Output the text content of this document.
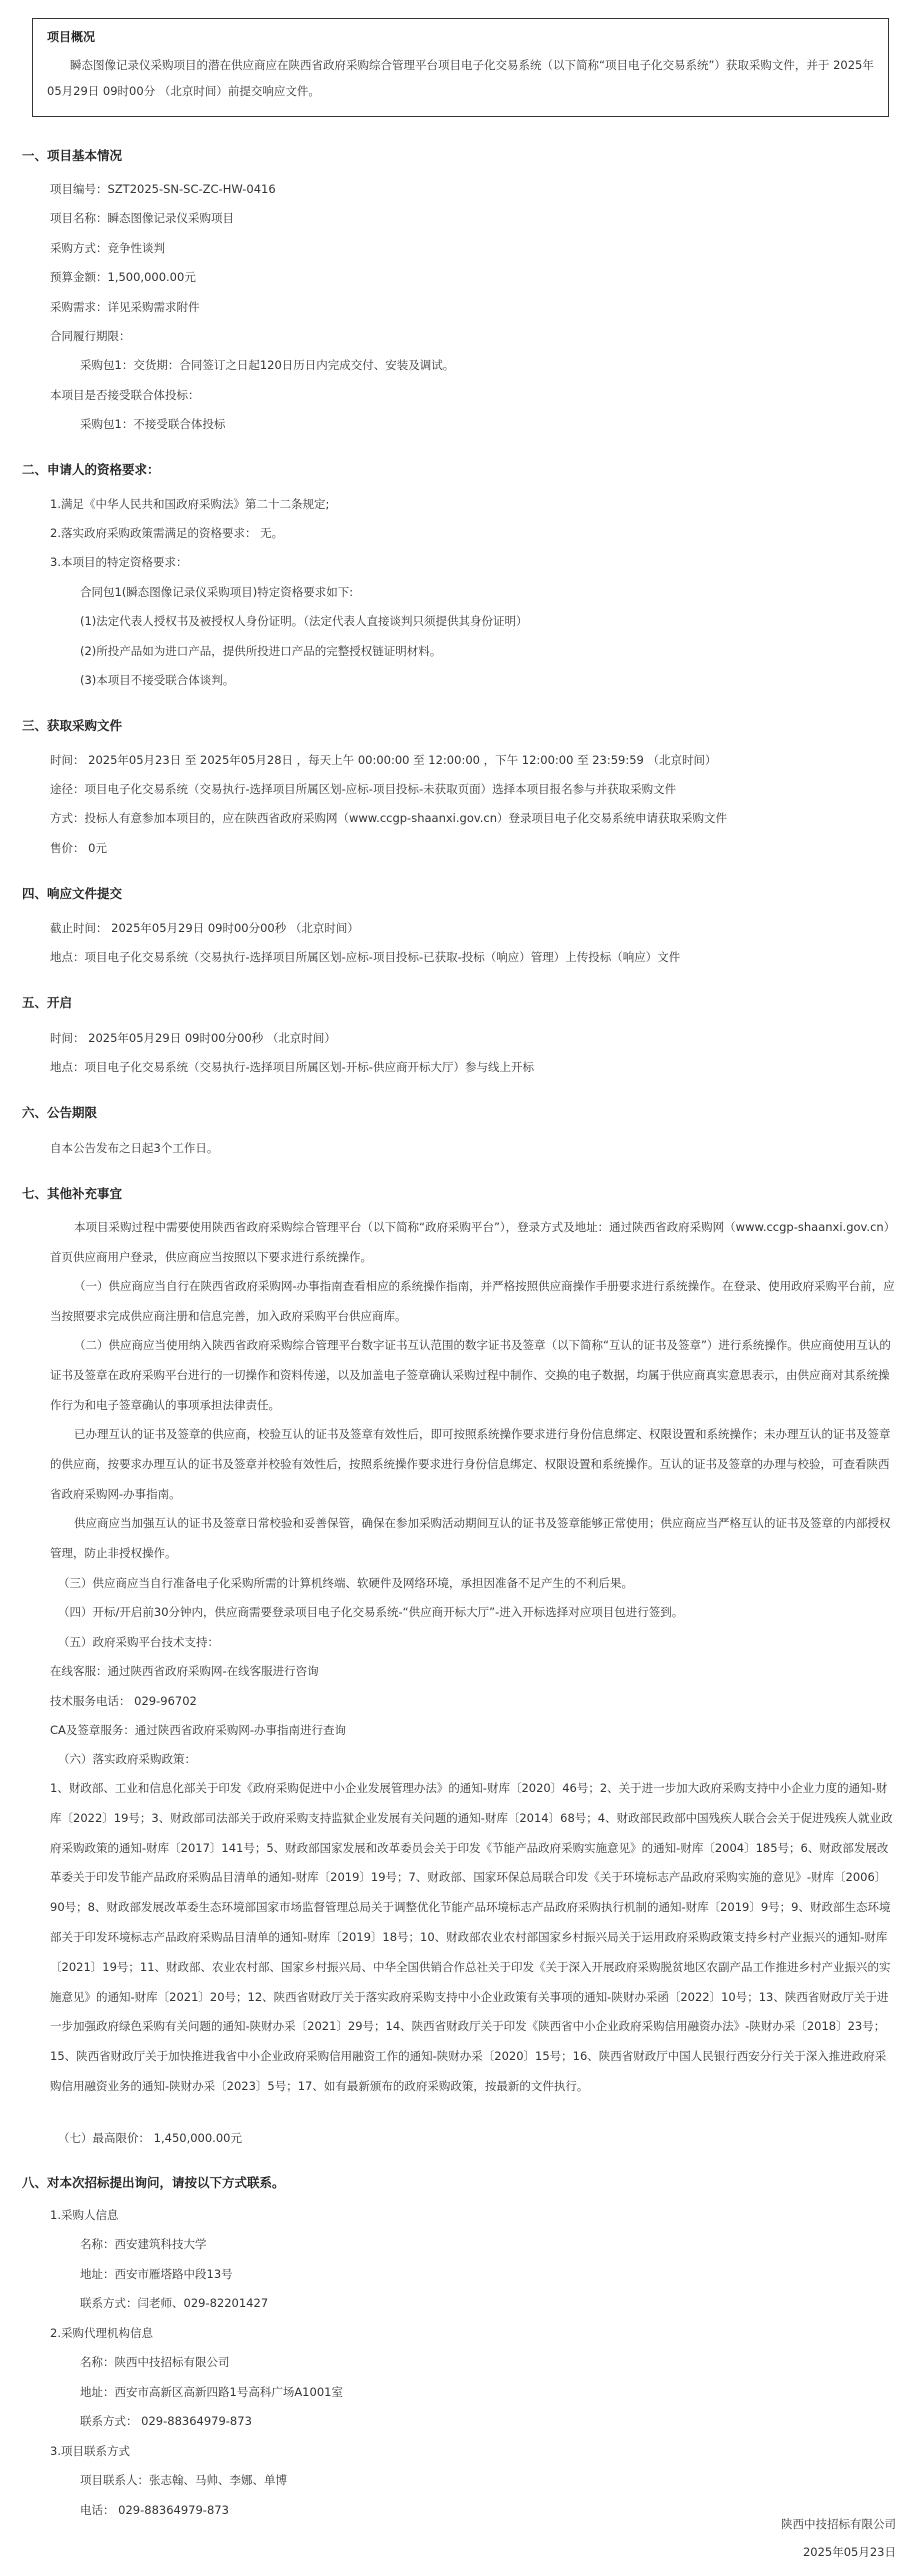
项目概况
瞬态图像记录仪采购项目的潜在供应商应在陕西省政府采购综合管理平台项目电子化交易系统（以下简称“项目电子化交易系统”）获取采购文件，并于 2025年05月29日 09时00分 （北京时间）前提交响应文件。
一、项目基本情况
项目编号：SZT2025-SN-SC-ZC-HW-0416
项目名称：瞬态图像记录仪采购项目
采购方式：竞争性谈判
预算金额：1,500,000.00元
采购需求：详见采购需求附件
合同履行期限：
采购包1：交货期：合同签订之日起120日历日内完成交付、安装及调试。
本项目是否接受联合体投标：
采购包1：不接受联合体投标
二、申请人的资格要求：
1.满足《中华人民共和国政府采购法》第二十二条规定;
2.落实政府采购政策需满足的资格要求： 无。
3.本项目的特定资格要求：
合同包1(瞬态图像记录仪采购项目)特定资格要求如下:
(1)法定代表人授权书及被授权人身份证明。（法定代表人直接谈判只须提供其身份证明）
(2)所投产品如为进口产品，提供所投进口产品的完整授权链证明材料。
(3)本项目不接受联合体谈判。
三、获取采购文件
时间： 2025年05月23日 至 2025年05月28日 ，每天上午 00:00:00 至 12:00:00 ，下午 12:00:00 至 23:59:59 （北京时间）
途径：项目电子化交易系统（交易执行-选择项目所属区划-应标-项目投标-未获取页面）选择本项目报名参与并获取采购文件
方式：投标人有意参加本项目的，应在陕西省政府采购网（www.ccgp-shaanxi.gov.cn）登录项目电子化交易系统申请获取采购文件
售价： 0元
四、响应文件提交
截止时间： 2025年05月29日 09时00分00秒 （北京时间）
地点：项目电子化交易系统（交易执行-选择项目所属区划-应标-项目投标-已获取-投标（响应）管理）上传投标（响应）文件
五、开启
时间： 2025年05月29日 09时00分00秒 （北京时间）
地点：项目电子化交易系统（交易执行-选择项目所属区划-开标-供应商开标大厅）参与线上开标
六、公告期限
自本公告发布之日起3个工作日。
七、其他补充事宜
本项目采购过程中需要使用陕西省政府采购综合管理平台（以下简称“政府采购平台”），登录方式及地址：通过陕西省政府采购网（www.ccgp-shaanxi.gov.cn）首页供应商用户登录，供应商应当按照以下要求进行系统操作。
（一）供应商应当自行在陕西省政府采购网-办事指南查看相应的系统操作指南，并严格按照供应商操作手册要求进行系统操作。在登录、使用政府采购平台前，应当按照要求完成供应商注册和信息完善，加入政府采购平台供应商库。
（二）供应商应当使用纳入陕西省政府采购综合管理平台数字证书互认范围的数字证书及签章（以下简称“互认的证书及签章”）进行系统操作。供应商使用互认的证书及签章在政府采购平台进行的一切操作和资料传递，以及加盖电子签章确认采购过程中制作、交换的电子数据，均属于供应商真实意思表示，由供应商对其系统操作行为和电子签章确认的事项承担法律责任。
已办理互认的证书及签章的供应商，校验互认的证书及签章有效性后，即可按照系统操作要求进行身份信息绑定、权限设置和系统操作；未办理互认的证书及签章的供应商，按要求办理互认的证书及签章并校验有效性后，按照系统操作要求进行身份信息绑定、权限设置和系统操作。互认的证书及签章的办理与校验，可查看陕西省政府采购网-办事指南。
供应商应当加强互认的证书及签章日常校验和妥善保管，确保在参加采购活动期间互认的证书及签章能够正常使用；供应商应当严格互认的证书及签章的内部授权管理，防止非授权操作。
（三）供应商应当自行准备电子化采购所需的计算机终端、软硬件及网络环境，承担因准备不足产生的不利后果。
（四）开标/开启前30分钟内，供应商需要登录项目电子化交易系统-“供应商开标大厅”-进入开标选择对应项目包进行签到。
（五）政府采购平台技术支持：
在线客服：通过陕西省政府采购网-在线客服进行咨询
技术服务电话： 029-96702
CA及签章服务：通过陕西省政府采购网-办事指南进行查询
（六）落实政府采购政策：
1、财政部、工业和信息化部关于印发《政府采购促进中小企业发展管理办法》的通知-财库〔2020〕46号；2、关于进一步加大政府采购支持中小企业力度的通知-财库〔2022〕19号；3、财政部司法部关于政府采购支持监狱企业发展有关问题的通知-财库〔2014〕68号；4、财政部民政部中国残疾人联合会关于促进残疾人就业政府采购政策的通知-财库〔2017〕141号；5、财政部国家发展和改革委员会关于印发《节能产品政府采购实施意见》的通知-财库〔2004〕185号；6、财政部发展改革委关于印发节能产品政府采购品目清单的通知-财库〔2019〕19号；7、财政部、国家环保总局联合印发《关于环境标志产品政府采购实施的意见》-财库〔2006〕90号；8、财政部发展改革委生态环境部国家市场监督管理总局关于调整优化节能产品环境标志产品政府采购执行机制的通知-财库〔2019〕9号；9、财政部生态环境部关于印发环境标志产品政府采购品目清单的通知-财库〔2019〕18号；10、财政部农业农村部国家乡村振兴局关于运用政府采购政策支持乡村产业振兴的通知-财库〔2021〕19号；11、财政部、农业农村部、国家乡村振兴局、中华全国供销合作总社关于印发《关于深入开展政府采购脱贫地区农副产品工作推进乡村产业振兴的实施意见》的通知-财库〔2021〕20号；12、陕西省财政厅关于落实政府采购支持中小企业政策有关事项的通知-陕财办采函〔2022〕10号；13、陕西省财政厅关于进一步加强政府绿色采购有关问题的通知-陕财办采〔2021〕29号；14、陕西省财政厅关于印发《陕西省中小企业政府采购信用融资办法》-陕财办采〔2018〕23号；15、陕西省财政厅关于加快推进我省中小企业政府采购信用融资工作的通知-陕财办采〔2020〕15号；16、陕西省财政厅中国人民银行西安分行关于深入推进政府采购信用融资业务的通知-陕财办采〔2023〕5号；17、如有最新颁布的政府采购政策，按最新的文件执行。
（七）最高限价： 1,450,000.00元
八、对本次招标提出询问，请按以下方式联系。
1.采购人信息
名称：西安建筑科技大学
地址：西安市雁塔路中段13号
联系方式：闫老师、029-82201427
2.采购代理机构信息
名称：陕西中技招标有限公司
地址：西安市高新区高新四路1号高科广场A1001室
联系方式： 029-88364979-873
3.项目联系方式
项目联系人：张志翰、马帅、李娜、单博
电话： 029-88364979-873
陕西中技招标有限公司
2025年05月23日
